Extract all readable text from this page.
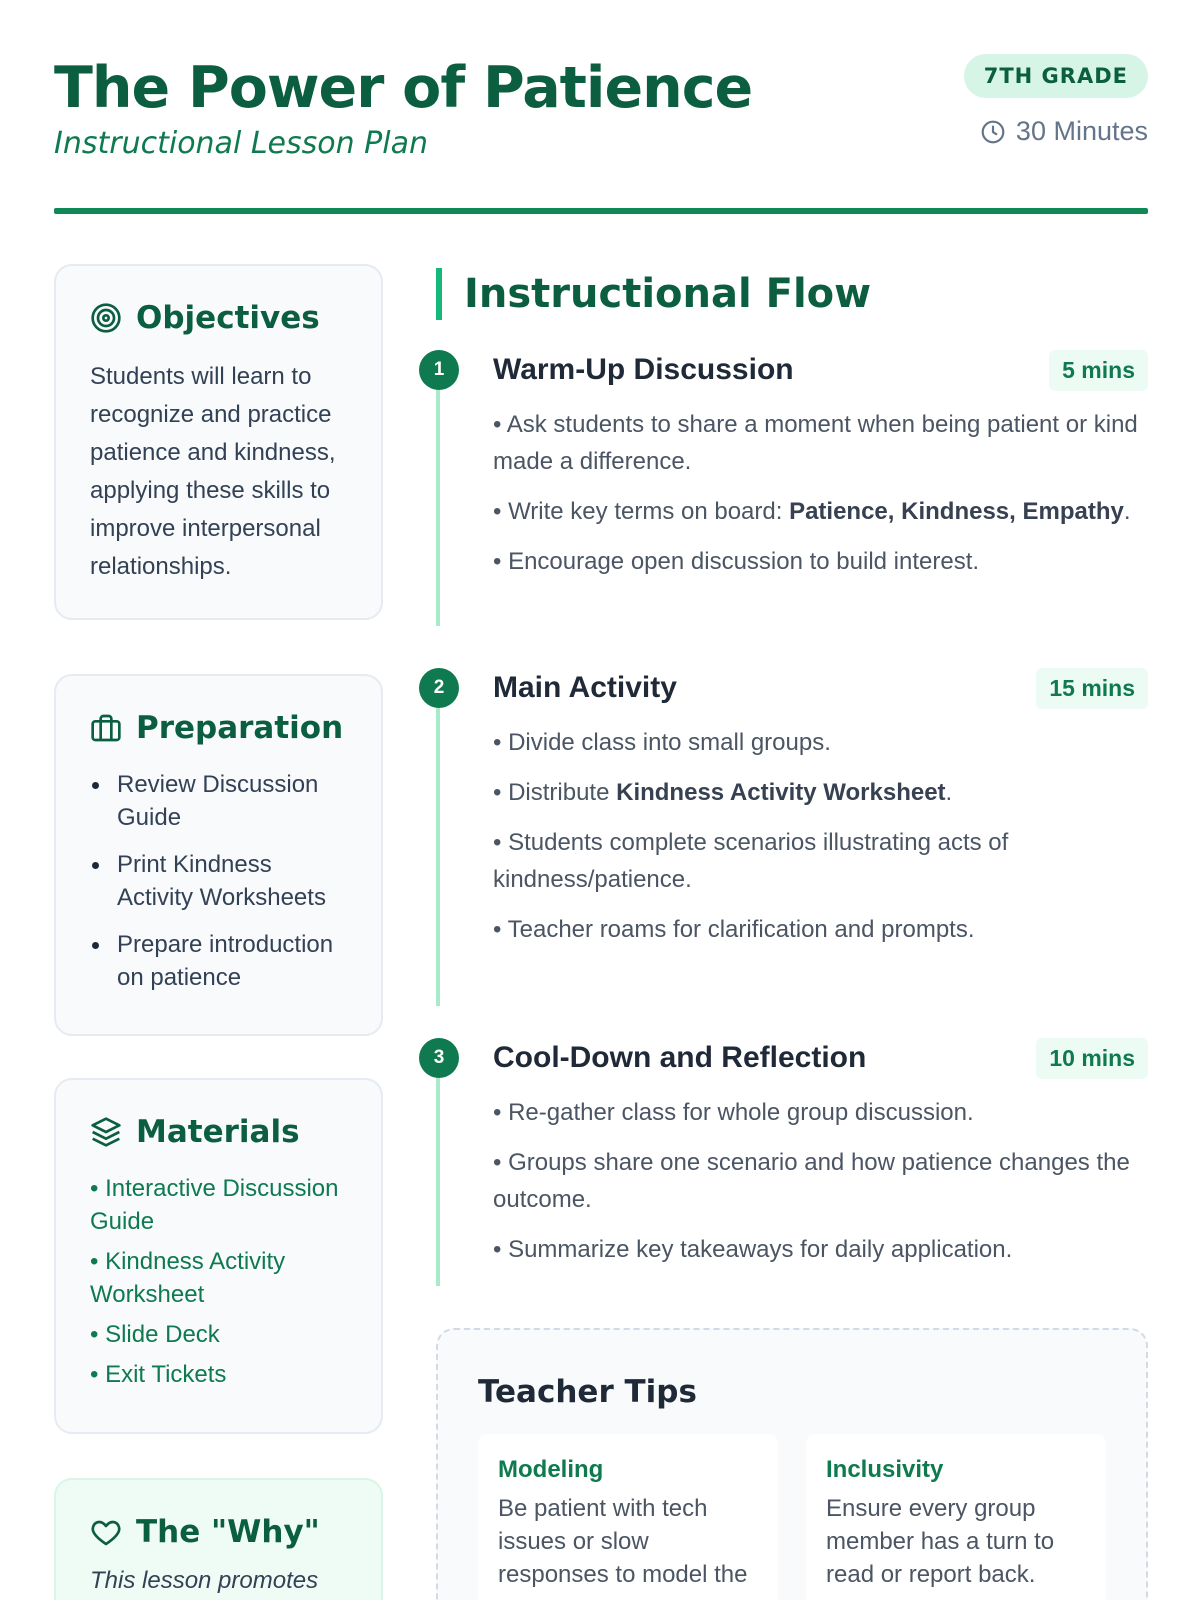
The Power of Patience
Instructional Lesson Plan
7TH GRADE
30 Minutes
Objectives
Students will learn to recognize and practice patience and kindness, applying these skills to improve interpersonal relationships.
Preparation
Review Discussion Guide
Print Kindness Activity Worksheets
Prepare introduction on patience
Materials
• Interactive Discussion Guide
• Kindness Activity Worksheet
• Slide Deck
• Exit Tickets
The "Why"
This lesson promotes
Instructional Flow
1	Warm-Up Discussion	5 mins

• Ask students to share a moment when being patient or kind made a difference.

• Write key terms on board: Patience, Kindness, Empathy.

• Encourage open discussion to build interest.

2	Main Activity	15 mins

• Divide class into small groups.

• Distribute Kindness Activity Worksheet.

• Students complete scenarios illustrating acts of kindness/patience.

• Teacher roams for clarification and prompts.

3	Cool-Down and Reflection	10 mins

• Re-gather class for whole group discussion.

• Groups share one scenario and how patience changes the outcome.

• Summarize key takeaways for daily application.

Teacher Tips
Modeling
Be patient with tech issues or slow responses to model the
Inclusivity
Ensure every group member has a turn to read or report back.
